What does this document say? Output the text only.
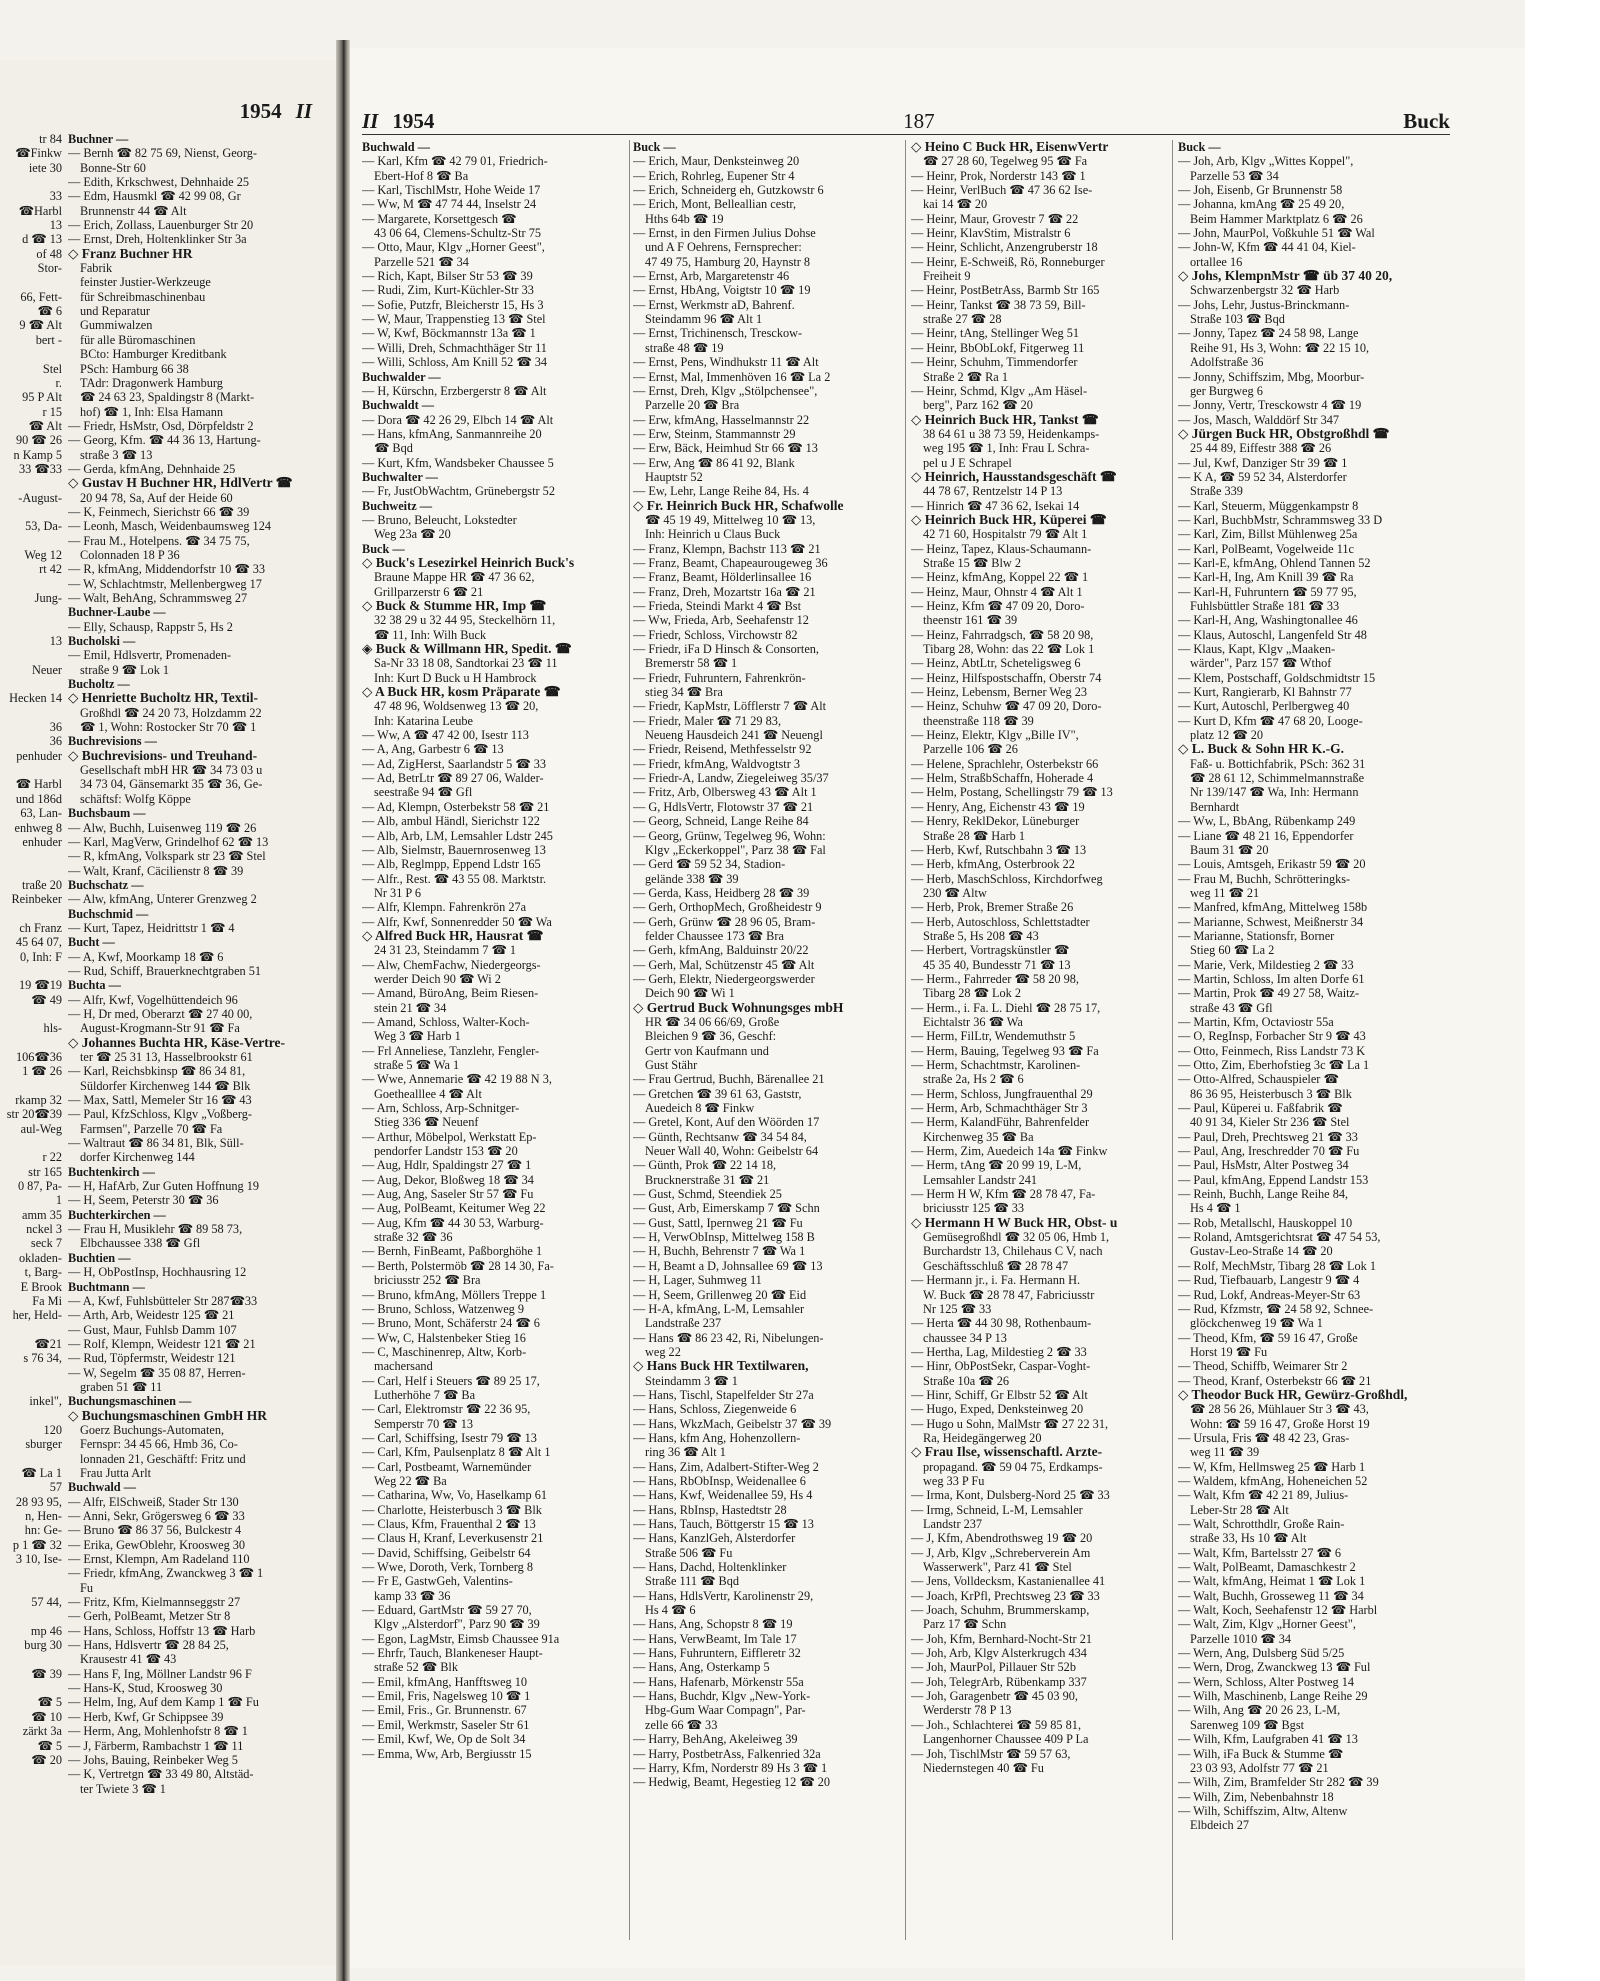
1954 II
tr 84
☎Finkw
iete 30

33
☎Harbl
13
d ☎ 13
of 48
Stor-

66, Fett-
☎ 6
9 ☎ Alt
bert -

Stel
r.
95 P Alt
r 15
☎ Alt
90 ☎ 26
n Kamp 5
33 ☎33

-August-

53, Da-

Weg 12
rt 42

Jung-

13

Neuer

Hecken 14

36
36
penhuder

☎ Harbl
und 186d
63, Lan-
enhweg 8
enhuder

traße 20
Reinbeker

ch Franz
45 64 07,
0, Inh: F

19 ☎19
☎ 49

hls-

106☎36
1 ☎ 26

rkamp 32
str 20☎39
aul-Weg

r 22
str 165
0 87, Pa-
1
amm 35
nckel 3
seck 7
okladen-
t, Barg-
E Brook
Fa Mi
her, Held-

☎21
s 76 34,

inkel",

120
sburger

☎ La 1
57
28 93 95,
n, Hen-
hn: Ge-
p 1 ☎ 32
3 10, Ise-

57 44,

mp 46
burg 30

☎ 39

☎ 5
☎ 10
zärkt 3a
☎ 5
☎ 20
Buchner —
— Bernh ☎ 82 75 69, Nienst, Georg-
Bonne-Str 60
— Edith, Krkschwest, Dehnhaide 25
— Edm, Hausmkl ☎ 42 99 08, Gr
Brunnenstr 44 ☎ Alt
— Erich, Zollass, Lauenburger Str 20
— Ernst, Dreh, Holtenklinker Str 3a
◇ Franz Buchner HR
Fabrik
feinster Justier-Werkzeuge
für Schreibmaschinenbau
und Reparatur
Gummiwalzen
für alle Büromaschinen
BCto: Hamburger Kreditbank
PSch: Hamburg 66 38
TAdr: Dragonwerk Hamburg
☎ 24 63 23, Spaldingstr 8 (Markt-
hof) ☎ 1, Inh: Elsa Hamann
— Friedr, HsMstr, Osd, Dörpfeldstr 2
— Georg, Kfm. ☎ 44 36 13, Hartung-
straße 3 ☎ 13
— Gerda, kfmAng, Dehnhaide 25
◇ Gustav H Buchner HR, HdlVertr ☎
20 94 78, Sa, Auf der Heide 60
— K, Feinmech, Sierichstr 66 ☎ 39
— Leonh, Masch, Weidenbaumsweg 124
— Frau M., Hotelpens. ☎ 34 75 75,
Colonnaden 18 P 36
— R, kfmAng, Middendorfstr 10 ☎ 33
— W, Schlachtmstr, Mellenbergweg 17
— Walt, BehAng, Schrammsweg 27
Buchner-Laube —
— Elly, Schausp, Rappstr 5, Hs 2
Bucholski —
— Emil, Hdlsvertr, Promenaden-
straße 9 ☎ Lok 1
Bucholtz —
◇ Henriette Bucholtz HR, Textil-
Großhdl ☎ 24 20 73, Holzdamm 22
☎ 1, Wohn: Rostocker Str 70 ☎ 1
Buchrevisions —
◇ Buchrevisions- und Treuhand-
Gesellschaft mbH HR ☎ 34 73 03 u
34 73 04, Gänsemarkt 35 ☎ 36, Ge-
schäftsf: Wolfg Köppe
Buchsbaum —
— Alw, Buchh, Luisenweg 119 ☎ 26
— Karl, MagVerw, Grindelhof 62 ☎ 13
— R, kfmAng, Volkspark str 23 ☎ Stel
— Walt, Kranf, Cäcilienstr 8 ☎ 39
Buchschatz —
— Alw, kfmAng, Unterer Grenzweg 2
Buchschmid —
— Kurt, Tapez, Heidrittstr 1 ☎ 4
Bucht —
— A, Kwf, Moorkamp 18 ☎ 6
— Rud, Schiff, Brauerknechtgraben 51
Buchta —
— Alfr, Kwf, Vogelhüttendeich 96
— H, Dr med, Oberarzt ☎ 27 40 00,
August-Krogmann-Str 91 ☎ Fa
◇ Johannes Buchta HR, Käse-Vertre-
ter ☎ 25 31 13, Hasselbrookstr 61
— Karl, Reichsbkinsp ☎ 86 34 81,
Süldorfer Kirchenweg 144 ☎ Blk
— Max, Sattl, Memeler Str 16 ☎ 43
— Paul, KfzSchloss, Klgv „Voßberg-
Farmsen", Parzelle 70 ☎ Fa
— Waltraut ☎ 86 34 81, Blk, Süll-
dorfer Kirchenweg 144
Buchtenkirch —
— H, HafArb, Zur Guten Hoffnung 19
— H, Seem, Peterstr 30 ☎ 36
Buchterkirchen —
— Frau H, Musiklehr ☎ 89 58 73,
Elbchaussee 338 ☎ Gfl
Buchtien —
— H, ObPostInsp, Hochhausring 12
Buchtmann —
— A, Kwf, Fuhlsbütteler Str 287☎33
— Arth, Arb, Weidestr 125 ☎ 21
— Gust, Maur, Fuhlsb Damm 107
— Rolf, Klempn, Weidestr 121 ☎ 21
— Rud, Töpfermstr, Weidestr 121
— W, Segelm ☎ 35 08 87, Herren-
graben 51 ☎ 11
Buchungsmaschinen —
◇ Buchungsmaschinen GmbH HR
Goerz Buchungs-Automaten,
Fernspr: 34 45 66, Hmb 36, Co-
lonnaden 21, Geschäftf: Fritz und
Frau Jutta Arlt
Buchwald —
— Alfr, ElSchweiß, Stader Str 130
— Anni, Sekr, Grögersweg 6 ☎ 33
— Bruno ☎ 86 37 56, Bulckestr 4
— Erika, GewOblehr, Kroosweg 30
— Ernst, Klempn, Am Radeland 110
— Friedr, kfmAng, Zwanckweg 3 ☎ 1
Fu
— Fritz, Kfm, Kielmannseggstr 27
— Gerh, PolBeamt, Metzer Str 8
— Hans, Schloss, Hoffstr 13 ☎ Harb
— Hans, Hdlsvertr ☎ 28 84 25,
Krausestr 41 ☎ 43
— Hans F, Ing, Möllner Landstr 96 F
— Hans-K, Stud, Kroosweg 30
— Helm, Ing, Auf dem Kamp 1 ☎ Fu
— Herb, Kwf, Gr Schippsee 39
— Herm, Ang, Mohlenhofstr 8 ☎ 1
— J, Färberm, Rambachstr 1 ☎ 11
— Johs, Bauing, Reinbeker Weg 5
— K, Vertretgn ☎ 33 49 80, Altstäd-
ter Twiete 3 ☎ 1
II 1954	187	Buck
Buchwald —
— Karl, Kfm ☎ 42 79 01, Friedrich-
Ebert-Hof 8 ☎ Ba
— Karl, TischlMstr, Hohe Weide 17
— Ww, M ☎ 47 74 44, Inselstr 24
— Margarete, Korsettgesch ☎
43 06 64, Clemens-Schultz-Str 75
— Otto, Maur, Klgv „Horner Geest",
Parzelle 521 ☎ 34
— Rich, Kapt, Bilser Str 53 ☎ 39
— Rudi, Zim, Kurt-Küchler-Str 33
— Sofie, Putzfr, Bleicherstr 15, Hs 3
— W, Maur, Trappenstieg 13 ☎ Stel
— W, Kwf, Böckmannstr 13a ☎ 1
— Willi, Dreh, Schmachthäger Str 11
— Willi, Schloss, Am Knill 52 ☎ 34
Buchwalder —
— H, Kürschn, Erzbergerstr 8 ☎ Alt
Buchwaldt —
— Dora ☎ 42 26 29, Elbch 14 ☎ Alt
— Hans, kfmAng, Sanmannreihe 20
☎ Bqd
— Kurt, Kfm, Wandsbeker Chaussee 5
Buchwalter —
— Fr, JustObWachtm, Grünebergstr 52
Buchweitz —
— Bruno, Beleucht, Lokstedter
Weg 23a ☎ 20
Buck —
◇ Buck's Lesezirkel Heinrich Buck's
Braune Mappe HR ☎ 47 36 62,
Grillparzerstr 6 ☎ 21
◇ Buck & Stumme HR, Imp ☎
32 38 29 u 32 44 95, Steckelhörn 11,
☎ 11, Inh: Wilh Buck
◈ Buck & Willmann HR, Spedit. ☎
Sa-Nr 33 18 08, Sandtorkai 23 ☎ 11
Inh: Kurt D Buck u H Hambrock
◇ A Buck HR, kosm Präparate ☎
47 48 96, Woldsenweg 13 ☎ 20,
Inh: Katarina Leube
— Ww, A ☎ 47 42 00, Isestr 113
— A, Ang, Garbestr 6 ☎ 13
— Ad, ZigHerst, Saarlandstr 5 ☎ 33
— Ad, BetrLtr ☎ 89 27 06, Walder-
seestraße 94 ☎ Gfl
— Ad, Klempn, Osterbekstr 58 ☎ 21
— Alb, ambul Händl, Sierichstr 122
— Alb, Arb, LM, Lemsahler Ldstr 245
— Alb, Sielmstr, Bauernrosenweg 13
— Alb, Reglmpp, Eppend Ldstr 165
— Alfr., Rest. ☎ 43 55 08. Marktstr.
Nr 31 P 6
— Alfr, Klempn. Fahrenkrön 27a
— Alfr, Kwf, Sonnenredder 50 ☎ Wa
◇ Alfred Buck HR, Hausrat ☎
24 31 23, Steindamm 7 ☎ 1
— Alw, ChemFachw, Niedergeorgs-
werder Deich 90 ☎ Wi 2
— Amand, BüroAng, Beim Riesen-
stein 21 ☎ 34
— Amand, Schloss, Walter-Koch-
Weg 3 ☎ Harb 1
— Frl Anneliese, Tanzlehr, Fengler-
straße 5 ☎ Wa 1
— Wwe, Annemarie ☎ 42 19 88 N 3,
Goethealllee 4 ☎ Alt
— Arn, Schloss, Arp-Schnitger-
Stieg 336 ☎ Neuenf
— Arthur, Möbelpol, Werkstatt Ep-
pendorfer Landstr 153 ☎ 20
— Aug, Hdlr, Spaldingstr 27 ☎ 1
— Aug, Dekor, Bloßweg 18 ☎ 34
— Aug, Ang, Saseler Str 57 ☎ Fu
— Aug, PolBeamt, Keitumer Weg 22
— Aug, Kfm ☎ 44 30 53, Warburg-
straße 32 ☎ 36
— Bernh, FinBeamt, Paßborghöhe 1
— Berth, Polstermöb ☎ 28 14 30, Fa-
briciusstr 252 ☎ Bra
— Bruno, kfmAng, Möllers Treppe 1
— Bruno, Schloss, Watzenweg 9
— Bruno, Mont, Schäferstr 24 ☎ 6
— Ww, C, Halstenbeker Stieg 16
— C, Maschinenrep, Altw, Korb-
machersand
— Carl, Helf i Steuers ☎ 89 25 17,
Lutherhöhe 7 ☎ Ba
— Carl, Elektromstr ☎ 22 36 95,
Semperstr 70 ☎ 13
— Carl, Schiffsing, Isestr 79 ☎ 13
— Carl, Kfm, Paulsenplatz 8 ☎ Alt 1
— Carl, Postbeamt, Warnemünder
Weg 22 ☎ Ba
— Catharina, Ww, Vo, Haselkamp 61
— Charlotte, Heisterbusch 3 ☎ Blk
— Claus, Kfm, Frauenthal 2 ☎ 13
— Claus H, Kranf, Leverkusenstr 21
— David, Schiffsing, Geibelstr 64
— Wwe, Doroth, Verk, Tornberg 8
— Fr E, GastwGeh, Valentins-
kamp 33 ☎ 36
— Eduard, GartMstr ☎ 59 27 70,
Klgv „Alsterdorf", Parz 90 ☎ 39
— Egon, LagMstr, Eimsb Chaussee 91a
— Ehrfr, Tauch, Blankeneser Haupt-
straße 52 ☎ Blk
— Emil, kfmAng, Hanfftsweg 10
— Emil, Fris, Nagelsweg 10 ☎ 1
— Emil, Fris., Gr. Brunnenstr. 67
— Emil, Werkmstr, Saseler Str 61
— Emil, Kwf, We, Op de Solt 34
— Emma, Ww, Arb, Bergiusstr 15
Buck —
— Erich, Maur, Denksteinweg 20
— Erich, Rohrleg, Eupener Str 4
— Erich, Schneiderg eh, Gutzkowstr 6
— Erich, Mont, Belleallian cestr,
Hths 64b ☎ 19
— Ernst, in den Firmen Julius Dohse
und A F Oehrens, Fernsprecher:
47 49 75, Hamburg 20, Haynstr 8
— Ernst, Arb, Margaretenstr 46
— Ernst, HbAng, Voigtstr 10 ☎ 19
— Ernst, Werkmstr aD, Bahrenf.
Steindamm 96 ☎ Alt 1
— Ernst, Trichinensch, Tresckow-
straße 48 ☎ 19
— Ernst, Pens, Windhukstr 11 ☎ Alt
— Ernst, Mal, Immenhöven 16 ☎ La 2
— Ernst, Dreh, Klgv „Stölpchensee",
Parzelle 20 ☎ Bra
— Erw, kfmAng, Hasselmannstr 22
— Erw, Steinm, Stammannstr 29
— Erw, Bäck, Heimhud Str 66 ☎ 13
— Erw, Ang ☎ 86 41 92, Blank
Hauptstr 52
— Ew, Lehr, Lange Reihe 84, Hs. 4
◇ Fr. Heinrich Buck HR, Schafwolle
☎ 45 19 49, Mittelweg 10 ☎ 13,
Inh: Heinrich u Claus Buck
— Franz, Klempn, Bachstr 113 ☎ 21
— Franz, Beamt, Chapeaurougeweg 36
— Franz, Beamt, Hölderlinsallee 16
— Franz, Dreh, Mozartstr 16a ☎ 21
— Frieda, Steindi Markt 4 ☎ Bst
— Ww, Frieda, Arb, Seehafenstr 12
— Friedr, Schloss, Virchowstr 82
— Friedr, iFa D Hinsch & Consorten,
Bremerstr 58 ☎ 1
— Friedr, Fuhruntern, Fahrenkrön-
stieg 34 ☎ Bra
— Friedr, KapMstr, Löfflerstr 7 ☎ Alt
— Friedr, Maler ☎ 71 29 83,
Neueng Hausdeich 241 ☎ Neuengl
— Friedr, Reisend, Methfesselstr 92
— Friedr, kfmAng, Waldvogtstr 3
— Friedr-A, Landw, Ziegeleiweg 35/37
— Fritz, Arb, Olbersweg 43 ☎ Alt 1
— G, HdlsVertr, Flotowstr 37 ☎ 21
— Georg, Schneid, Lange Reihe 84
— Georg, Grünw, Tegelweg 96, Wohn:
Klgv „Eckerkoppel", Parz 38 ☎ Fal
— Gerd ☎ 59 52 34, Stadion-
gelände 338 ☎ 39
— Gerda, Kass, Heidberg 28 ☎ 39
— Gerh, OrthopMech, Großheidestr 9
— Gerh, Grünw ☎ 28 96 05, Bram-
felder Chaussee 173 ☎ Bra
— Gerh, kfmAng, Balduinstr 20/22
— Gerh, Mal, Schützenstr 45 ☎ Alt
— Gerh, Elektr, Niedergeorgswerder
Deich 90 ☎ Wi 1
◇ Gertrud Buck Wohnungsges mbH
HR ☎ 34 06 66/69, Große
Bleichen 9 ☎ 36, Geschf:
Gertr von Kaufmann und
Gust Stähr
— Frau Gertrud, Buchh, Bärenallee 21
— Gretchen ☎ 39 61 63, Gaststr,
Auedeich 8 ☎ Finkw
— Gretel, Kont, Auf den Wöörden 17
— Günth, Rechtsanw ☎ 34 54 84,
Neuer Wall 40, Wohn: Geibelstr 64
— Günth, Prok ☎ 22 14 18,
Brucknerstraße 31 ☎ 21
— Gust, Schmd, Steendiek 25
— Gust, Arb, Eimerskamp 7 ☎ Schn
— Gust, Sattl, Ipernweg 21 ☎ Fu
— H, VerwObInsp, Mittelweg 158 B
— H, Buchh, Behrenstr 7 ☎ Wa 1
— H, Beamt a D, Johnsallee 69 ☎ 13
— H, Lager, Suhmweg 11
— H, Seem, Grillenweg 20 ☎ Eid
— H-A, kfmAng, L-M, Lemsahler
Landstraße 237
— Hans ☎ 86 23 42, Ri, Nibelungen-
weg 22
◇ Hans Buck HR Textilwaren,
Steindamm 3 ☎ 1
— Hans, Tischl, Stapelfelder Str 27a
— Hans, Schloss, Ziegenweide 6
— Hans, WkzMach, Geibelstr 37 ☎ 39
— Hans, kfm Ang, Hohenzollern-
ring 36 ☎ Alt 1
— Hans, Zim, Adalbert-Stifter-Weg 2
— Hans, RbObInsp, Weidenallee 6
— Hans, Kwf, Weidenallee 59, Hs 4
— Hans, RbInsp, Hastedtstr 28
— Hans, Tauch, Böttgerstr 15 ☎ 13
— Hans, KanzlGeh, Alsterdorfer
Straße 506 ☎ Fu
— Hans, Dachd, Holtenklinker
Straße 111 ☎ Bqd
— Hans, HdlsVertr, Karolinenstr 29,
Hs 4 ☎ 6
— Hans, Ang, Schopstr 8 ☎ 19
— Hans, VerwBeamt, Im Tale 17
— Hans, Fuhruntern, Eiffleretr 32
— Hans, Ang, Osterkamp 5
— Hans, Hafenarb, Mörkenstr 55a
— Hans, Buchdr, Klgv „New-York-
Hbg-Gum Waar Compagn", Par-
zelle 66 ☎ 33
— Harry, BehAng, Akeleiweg 39
— Harry, PostbetrAss, Falkenried 32a
— Harry, Kfm, Norderstr 89 Hs 3 ☎ 1
— Hedwig, Beamt, Hegestieg 12 ☎ 20
◇ Heino C Buck HR, EisenwVertr
☎ 27 28 60, Tegelweg 95 ☎ Fa
— Heinr, Prok, Norderstr 143 ☎ 1
— Heinr, VerlBuch ☎ 47 36 62 Isе-
kai 14 ☎ 20
— Heinr, Maur, Grovestr 7 ☎ 22
— Heinr, KlavStim, Mistralstr 6
— Heinr, Schlicht, Anzengruberstr 18
— Heinr, E-Schweiß, Rö, Ronneburger
Freiheit 9
— Heinr, PostBetrAss, Barmb Str 165
— Heinr, Tankst ☎ 38 73 59, Bill-
straße 27 ☎ 28
— Heinr, tAng, Stellinger Weg 51
— Heinr, BbObLokf, Fitgerweg 11
— Heinr, Schuhm, Timmendorfer
Straße 2 ☎ Ra 1
— Heinr, Schmd, Klgv „Am Häsel-
berg", Parz 162 ☎ 20
◇ Heinrich Buck HR, Tankst ☎
38 64 61 u 38 73 59, Heidenkamps-
weg 195 ☎ 1, Inh: Frau L Schra-
pel u J E Schrapel
◇ Heinrich, Hausstandsgeschäft ☎
44 78 67, Rentzelstr 14 P 13
— Hinrich ☎ 47 36 62, Isekai 14
◇ Heinrich Buck HR, Küperei ☎
42 71 60, Hospitalstr 79 ☎ Alt 1
— Heinz, Tapez, Klaus-Schaumann-
Straße 15 ☎ Blw 2
— Heinz, kfmAng, Koppel 22 ☎ 1
— Heinz, Maur, Ohnstr 4 ☎ Alt 1
— Heinz, Kfm ☎ 47 09 20, Doro-
theenstr 161 ☎ 39
— Heinz, Fahrradgsch, ☎ 58 20 98,
Tibarg 28, Wohn: das 22 ☎ Lok 1
— Heinz, AbtLtr, Scheteligsweg 6
— Heinz, Hilfspostschaffn, Oberstr 74
— Heinz, Lebensm, Berner Weg 23
— Heinz, Schuhw ☎ 47 09 20, Doro-
theenstraße 118 ☎ 39
— Heinz, Elektr, Klgv „Bille IV",
Parzelle 106 ☎ 26
— Helene, Sprachlehr, Osterbekstr 66
— Helm, StraßbSchaffn, Hoherade 4
— Helm, Postang, Schellingstr 79 ☎ 13
— Henry, Ang, Eichenstr 43 ☎ 19
— Henry, ReklDekor, Lüneburger
Straße 28 ☎ Harb 1
— Herb, Kwf, Rutschbahn 3 ☎ 13
— Herb, kfmAng, Osterbrook 22
— Herb, MaschSchloss, Kirchdorfweg
230 ☎ Altw
— Herb, Prok, Bremer Straße 26
— Herb, Autoschloss, Schlettstadter
Straße 5, Hs 208 ☎ 43
— Herbert, Vortragskünstler ☎
45 35 40, Bundesstr 71 ☎ 13
— Herm., Fahrreder ☎ 58 20 98,
Tibarg 28 ☎ Lok 2
— Herm., i. Fa. L. Diehl ☎ 28 75 17,
Eichtalstr 36 ☎ Wa
— Herm, FilLtr, Wendemuthstr 5
— Herm, Bauing, Tegelweg 93 ☎ Fa
— Herm, Schachtmstr, Karolinen-
straße 2a, Hs 2 ☎ 6
— Herm, Schloss, Jungfrauenthal 29
— Herm, Arb, Schmachthäger Str 3
— Herm, KalandFühr, Bahrenfelder
Kirchenweg 35 ☎ Ba
— Herm, Zim, Auedeich 14a ☎ Finkw
— Herm, tAng ☎ 20 99 19, L-M,
Lemsahler Landstr 241
— Herm H W, Kfm ☎ 28 78 47, Fa-
briciusstr 125 ☎ 33
◇ Hermann H W Buck HR, Obst- u
Gemüsegroßhdl ☎ 32 05 06, Hmb 1,
Burchardstr 13, Chilehaus C V, nach
Geschäftsschluß ☎ 28 78 47
— Hermann jr., i. Fa. Hermann H.
W. Buck ☎ 28 78 47, Fabriciusstr
Nr 125 ☎ 33
— Herta ☎ 44 30 98, Rothenbaum-
chaussee 34 P 13
— Hertha, Lag, Mildestieg 2 ☎ 33
— Hinr, ObPostSekr, Caspar-Voght-
Straße 10a ☎ 26
— Hinr, Schiff, Gr Elbstr 52 ☎ Alt
— Hugo, Exped, Denksteinweg 20
— Hugo u Sohn, MalMstr ☎ 27 22 31,
Ra, Heidegängerweg 20
◇ Frau Ilse, wissenschaftl. Arzte-
propagand. ☎ 59 04 75, Erdkamps-
weg 33 P Fu
— Irma, Kont, Dulsberg-Nord 25 ☎ 33
— Irmg, Schneid, L-M, Lemsahler
Landstr 237
— J, Kfm, Abendrothsweg 19 ☎ 20
— J, Arb, Klgv „Schreberverein Am
Wasserwerk", Parz 41 ☎ Stel
— Jens, Volldecksm, Kastanienallee 41
— Joach, KrPfl, Prechtsweg 23 ☎ 33
— Joach, Schuhm, Brummerskamp,
Parz 17 ☎ Schn
— Joh, Kfm, Bernhard-Nocht-Str 21
— Joh, Arb, Klgv Alsterkrugch 434
— Joh, MaurPol, Pillauer Str 52b
— Joh, TelegrArb, Rübenkamp 337
— Joh, Garagenbetr ☎ 45 03 90,
Werderstr 78 P 13
— Joh., Schlachterei ☎ 59 85 81,
Langenhorner Chaussee 409 P La
— Joh, TischlMstr ☎ 59 57 63,
Niedernstegen 40 ☎ Fu
Buck —
— Joh, Arb, Klgv „Wittes Koppel",
Parzelle 53 ☎ 34
— Joh, Eisenb, Gr Brunnenstr 58
— Johanna, kmAng ☎ 25 49 20,
Beim Hammer Marktplatz 6 ☎ 26
— John, MaurPol, Voßkuhle 51 ☎ Wal
— John-W, Kfm ☎ 44 41 04, Kiel-
ortallee 16
◇ Johs, KlempnMstr ☎ üb 37 40 20,
Schwarzenbergstr 32 ☎ Harb
— Johs, Lehr, Justus-Brinckmann-
Straße 103 ☎ Bqd
— Jonny, Tapez ☎ 24 58 98, Lange
Reihe 91, Hs 3, Wohn: ☎ 22 15 10,
Adolfstraße 36
— Jonny, Schiffszim, Mbg, Moorbur-
ger Burgweg 6
— Jonny, Vertr, Tresckowstr 4 ☎ 19
— Jos, Masch, Walddörf Str 347
◇ Jürgen Buck HR, Obstgroßhdl ☎
25 44 89, Eiffestr 388 ☎ 26
— Jul, Kwf, Danziger Str 39 ☎ 1
— K A, ☎ 59 52 34, Alsterdorfer
Straße 339
— Karl, Steuerm, Müggenkampstr 8
— Karl, BuchbMstr, Schrammsweg 33 D
— Karl, Zim, Billst Mühlenweg 25a
— Karl, PolBeamt, Vogelweide 11c
— Karl-E, kfmAng, Ohlend Tannen 52
— Karl-H, Ing, Am Knill 39 ☎ Ra
— Karl-H, Fuhruntern ☎ 59 77 95,
Fuhlsbüttler Straße 181 ☎ 33
— Karl-H, Ang, Washingtonallee 46
— Klaus, Autoschl, Langenfeld Str 48
— Klaus, Kapt, Klgv „Maaken-
wärder", Parz 157 ☎ Wthof
— Klem, Postschaff, Goldschmidtstr 15
— Kurt, Rangierarb, Kl Bahnstr 77
— Kurt, Autoschl, Perlbergweg 40
— Kurt D, Kfm ☎ 47 68 20, Looge-
platz 12 ☎ 20
◇ L. Buck & Sohn HR K.-G.
Faß- u. Bottichfabrik, PSch: 362 31
☎ 28 61 12, Schimmelmannstraße
Nr 139/147 ☎ Wa, Inh: Hermann
Bernhardt
— Ww, L, BbAng, Rübenkamp 249
— Liane ☎ 48 21 16, Eppendorfer
Baum 31 ☎ 20
— Louis, Amtsgeh, Erikastr 59 ☎ 20
— Frau M, Buchh, Schrötteringks-
weg 11 ☎ 21
— Manfred, kfmAng, Mittelweg 158b
— Marianne, Schwest, Meißnerstr 34
— Marianne, Stationsfr, Borner
Stieg 60 ☎ La 2
— Marie, Verk, Mildestieg 2 ☎ 33
— Martin, Schloss, Im alten Dorfe 61
— Martin, Prok ☎ 49 27 58, Waitz-
straße 43 ☎ Gfl
— Martin, Kfm, Octaviostr 55a
— O, RegInsp, Forbacher Str 9 ☎ 43
— Otto, Feinmech, Riss Landstr 73 K
— Otto, Zim, Eberhofstieg 3c ☎ La 1
— Otto-Alfred, Schauspieler ☎
86 36 95, Heisterbusch 3 ☎ Blk
— Paul, Küperei u. Faßfabrik ☎
40 91 34, Kieler Str 236 ☎ Stel
— Paul, Dreh, Prechtsweg 21 ☎ 33
— Paul, Ang, Ireschredder 70 ☎ Fu
— Paul, HsMstr, Alter Postweg 34
— Paul, kfmAng, Eppend Landstr 153
— Reinh, Buchh, Lange Reihe 84,
Hs 4 ☎ 1
— Rob, Metallschl, Hauskoppel 10
— Roland, Amtsgerichtsrat ☎ 47 54 53,
Gustav-Leo-Straße 14 ☎ 20
— Rolf, MechMstr, Tibarg 28 ☎ Lok 1
— Rud, Tiefbauarb, Langestr 9 ☎ 4
— Rud, Lokf, Andreas-Meyer-Str 63
— Rud, Kfzmstr, ☎ 24 58 92, Schnee-
glöckchenweg 19 ☎ Wa 1
— Theod, Kfm, ☎ 59 16 47, Große
Horst 19 ☎ Fu
— Theod, Schiffb, Weimarer Str 2
— Theod, Kranf, Osterbekstr 66 ☎ 21
◇ Theodor Buck HR, Gewürz-Großhdl,
☎ 28 56 26, Mühlauer Str 3 ☎ 43,
Wohn: ☎ 59 16 47, Große Horst 19
— Ursula, Fris ☎ 48 42 23, Gras-
weg 11 ☎ 39
— W, Kfm, Hellmsweg 25 ☎ Harb 1
— Waldem, kfmAng, Hoheneichen 52
— Walt, Kfm ☎ 42 21 89, Julius-
Leber-Str 28 ☎ Alt
— Walt, Schrotthdlr, Große Rain-
straße 33, Hs 10 ☎ Alt
— Walt, Kfm, Bartelsstr 27 ☎ 6
— Walt, PolBeamt, Damaschkestr 2
— Walt, kfmAng, Heimat 1 ☎ Lok 1
— Walt, Buchh, Grosseweg 11 ☎ 34
— Walt, Koch, Seehafenstr 12 ☎ Harbl
— Walt, Zim, Klgv „Horner Geest",
Parzelle 1010 ☎ 34
— Wern, Ang, Dulsberg Süd 5/25
— Wern, Drog, Zwanckweg 13 ☎ Ful
— Wern, Schloss, Alter Postweg 14
— Wilh, Maschinenb, Lange Reihe 29
— Wilh, Ang ☎ 20 26 23, L-M,
Sarenweg 109 ☎ Bgst
— Wilh, Kfm, Laufgraben 41 ☎ 13
— Wilh, iFa Buck & Stumme ☎
23 03 93, Adolfstr 77 ☎ 21
— Wilh, Zim, Bramfelder Str 282 ☎ 39
— Wilh, Zim, Nebenbahnstr 18
— Wilh, Schiffszim, Altw, Altenw
Elbdeich 27
